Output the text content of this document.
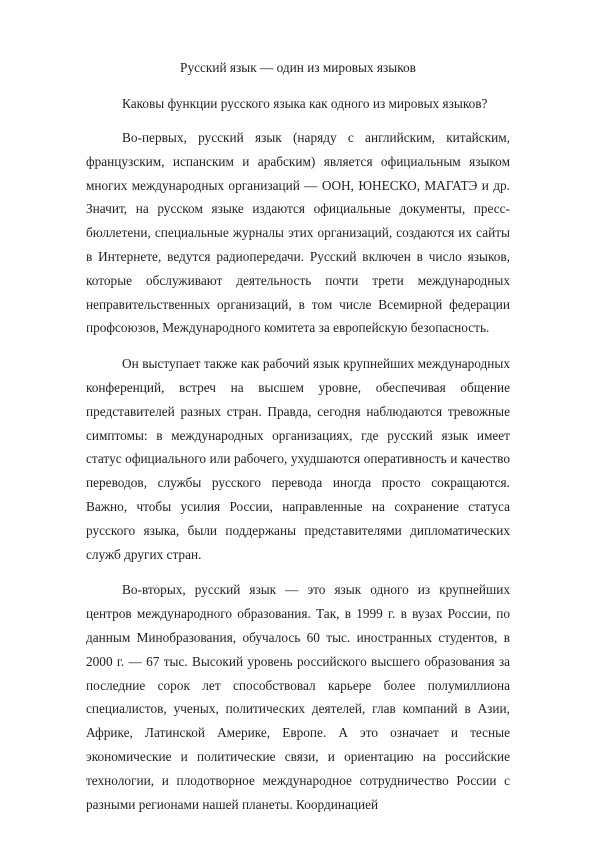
Русский язык — один из мировых языков

Каковы функции русского языка как одного из мировых языков?

Во-первых, русский язык (наряду с английским, китайским, французским, испанским и арабским) является официальным языком многих международных организаций — ООН, ЮНЕСКО, МАГАТЭ и др. Значит, на русском языке издаются официальные документы, пресс-бюллетени, специальные журналы этих организаций, создаются их сайты в Интернете, ведутся радиопередачи. Русский включен в число языков, которые обслуживают деятельность почти трети международных неправительственных организаций, в том числе Всемирной федерации профсоюзов, Международного комитета за европейскую безопасность.

Он выступает также как рабочий язык крупнейших международных конференций, встреч на высшем уровне, обеспечивая общение представителей разных стран. Правда, сегодня наблюдаются тревожные симптомы: в международных организациях, где русский язык имеет статус официального или рабочего, ухудшаются оперативность и качество переводов, службы русского перевода иногда просто сокращаются. Важно, чтобы усилия России, направленные на сохранение статуса русского языка, были поддержаны представителями дипломатических служб других стран.

Во-вторых, русский язык — это язык одного из крупнейших центров международного образования. Так, в 1999 г. в вузах России, по данным Минобразования, обучалось 60 тыс. иностранных студентов, в 2000 г. — 67 тыс. Высокий уровень российского высшего образования за последние сорок лет способствовал карьере более полумиллиона специалистов, ученых, политических деятелей, глав компаний в Азии, Африке, Латинской Америке, Европе. А это означает и тесные экономические и политические связи, и ориентацию на российские технологии, и плодотворное международное сотрудничество России с разными регионами нашей планеты. Координацией
